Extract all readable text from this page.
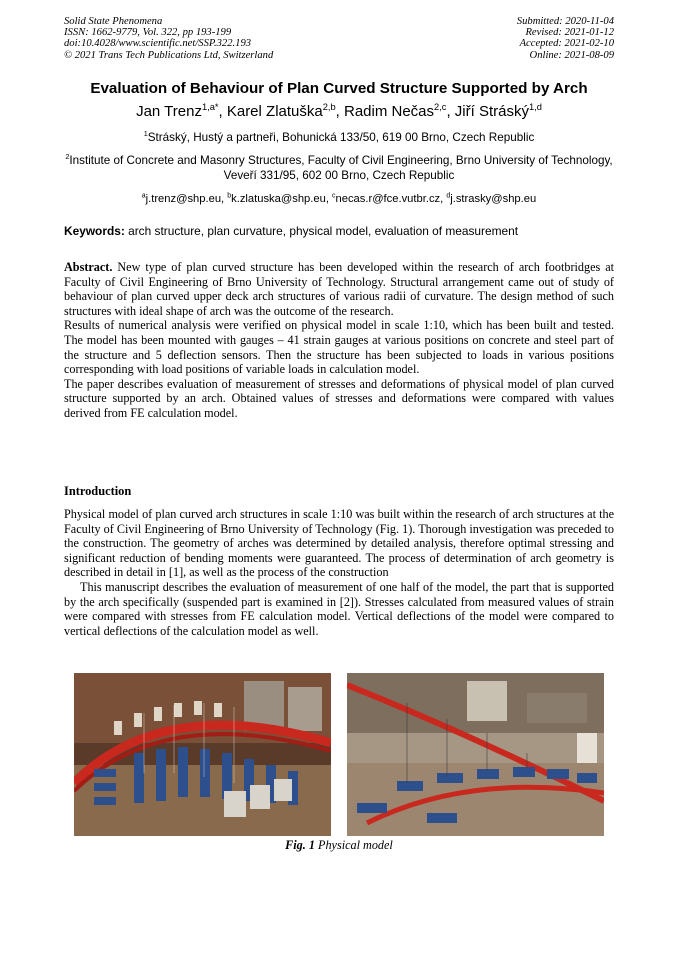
Solid State Phenomena
ISSN: 1662-9779, Vol. 322, pp 193-199
doi:10.4028/www.scientific.net/SSP.322.193
© 2021 Trans Tech Publications Ltd, Switzerland
Submitted: 2020-11-04
Revised: 2021-01-12
Accepted: 2021-02-10
Online: 2021-08-09
Evaluation of Behaviour of Plan Curved Structure Supported by Arch
Jan Trenz$^{1,a*}$, Karel Zlatuška$^{2,b}$, Radim Nečas$^{2,c}$, Jiří Stráský$^{1,d}$
$^1$Stráský, Hustý a partneři, Bohunická 133/50, 619 00 Brno, Czech Republic
$^2$Institute of Concrete and Masonry Structures, Faculty of Civil Engineering, Brno University of Technology, Veveří 331/95, 602 00 Brno, Czech Republic
$^a$j.trenz@shp.eu, $^b$k.zlatuska@shp.eu, $^c$necas.r@fce.vutbr.cz, $^d$j.strasky@shp.eu
Keywords: arch structure, plan curvature, physical model, evaluation of measurement

Abstract. New type of plan curved structure has been developed within the research of arch footbridges at Faculty of Civil Engineering of Brno University of Technology. Structural arrangement came out of study of behaviour of plan curved upper deck arch structures of various radii of curvature. The design method of such structures with ideal shape of arch was the outcome of the research.

Results of numerical analysis were verified on physical model in scale 1:10, which has been built and tested. The model has been mounted with gauges – 41 strain gauges at various positions on concrete and steel part of the structure and 5 deflection sensors. Then the structure has been subjected to loads in various positions corresponding with load positions of variable loads in calculation model.

The paper describes evaluation of measurement of stresses and deformations of physical model of plan curved structure supported by an arch. Obtained values of stresses and deformations were compared with values derived from FE calculation model.

Introduction

Physical model of plan curved arch structures in scale 1:10 was built within the research of arch structures at the Faculty of Civil Engineering of Brno University of Technology (Fig. 1). Thorough investigation was preceded to the construction. The geometry of arches was determined by detailed analysis, therefore optimal stressing and significant reduction of bending moments were guaranteed. The process of determination of arch geometry is described in detail in [1], as well as the process of the construction

This manuscript describes the evaluation of measurement of one half of the model, the part that is supported by the arch specifically (suspended part is examined in [2]). Stresses calculated from measured values of strain were compared with stresses from FE calculation model. Vertical deflections of the model were compared to vertical deflections of the calculation model as well.

Fig. 1 Physical model
